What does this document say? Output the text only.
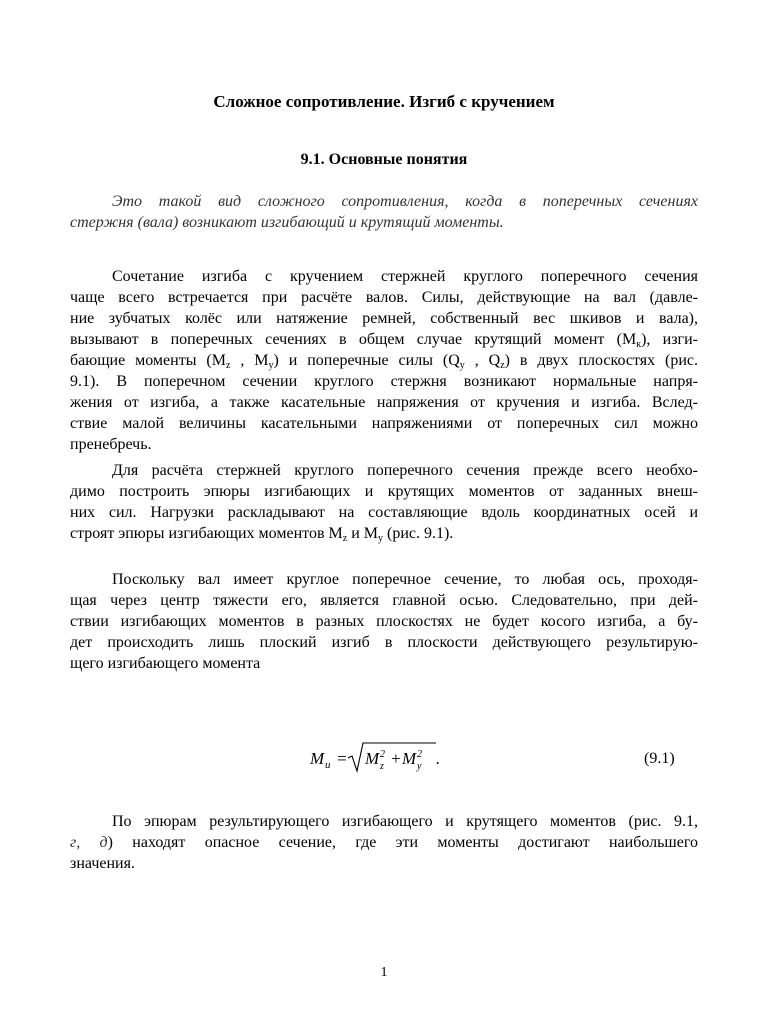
Сложное сопротивление. Изгиб с кручением
9.1. Основные понятия
Это такой вид сложного сопротивления, когда в поперечных сечениях
стержня (вала) возникают изгибающий и крутящий моменты.
Сочетание изгиба с кручением стержней круглого поперечного сечения
чаще всего встречается при расчёте валов. Силы, действующие на вал (давле-
ние зубчатых колёс или натяжение ремней, собственный вес шкивов и вала),
вызывают в поперечных сечениях в общем случае крутящий момент $(M_к)$, изги-
бающие моменты ($M_z$ , $M_y$) и поперечные силы ($Q_y$ , $Q_z$) в двух плоскостях (рис.
9.1). В поперечном сечении круглого стержня возникают нормальные напря-
жения от изгиба, а также касательные напряжения от кручения и изгиба. Вслед-
ствие малой величины касательными напряжениями от поперечных сил можно
пренебречь.
Для расчёта стержней круглого поперечного сечения прежде всего необхо-
димо построить эпюры изгибающих и крутящих моментов от заданных внеш-
них сил. Нагрузки раскладывают на составляющие вдоль координатных осей и
строят эпюры изгибающих моментов $M_z$ и $M_y$ (рис. 9.1).
Поскольку вал имеет круглое поперечное сечение, то любая ось, проходя-
щая через центр тяжести его, является главной осью. Следовательно, при дей-
ствии изгибающих моментов в разных плоскостях не будет косого изгиба, а бу-
дет происходить лишь плоский изгиб в плоскости действующего результирую-
щего изгибающего момента
M и = M 2
z + M 2
y .	(9.1)
По эпюрам результирующего изгибающего и крутящего моментов (рис. 9.1,
г, д) находят опасное сечение, где эти моменты достигают наибольшего
значения.
1
